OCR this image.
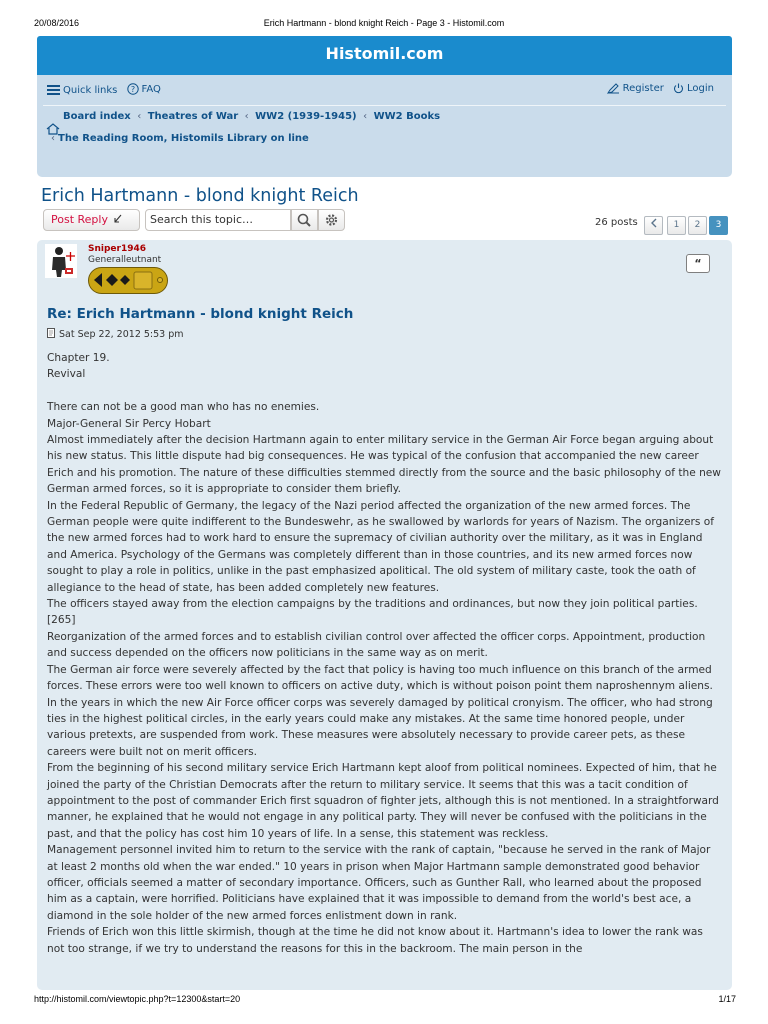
20/08/2016	Erich Hartmann - blond knight Reich - Page 3 - Histomil.com
Histomil.com
Quick links
? FAQ	Register
Login
Board index ‹ Theatres of War ‹ WW2 (1939-1945) ‹ WW2 Books
‹ The Reading Room, Histomils Library on line
Erich Hartmann - blond knight Reich
Post Reply	Search this topic…	26 posts	1	2	3
Sniper1946
Generalleutnant	“
Re: Erich Hartmann - blond knight Reich
Sat Sep 22, 2012 5:53 pm

Chapter 19.

Revival

There can not be a good man who has no enemies.

Major-General Sir Percy Hobart

Almost immediately after the decision Hartmann again to enter military service in the German Air Force began arguing about his new status. This little dispute had big consequences. He was typical of the confusion that accompanied the new career Erich and his promotion. The nature of these difficulties stemmed directly from the source and the basic philosophy of the new German armed forces, so it is appropriate to consider them briefly.

In the Federal Republic of Germany, the legacy of the Nazi period affected the organization of the new armed forces. The German people were quite indifferent to the Bundeswehr, as he swallowed by warlords for years of Nazism. The organizers of the new armed forces had to work hard to ensure the supremacy of civilian authority over the military, as it was in England and America. Psychology of the Germans was completely different than in those countries, and its new armed forces now sought to play a role in politics, unlike in the past emphasized apolitical. The old system of military caste, took the oath of allegiance to the head of state, has been added completely new features.

The officers stayed away from the election campaigns by the traditions and ordinances, but now they join political parties. [265]

Reorganization of the armed forces and to establish civilian control over affected the officer corps. Appointment, production and success depended on the officers now politicians in the same way as on merit.

The German air force were severely affected by the fact that policy is having too much influence on this branch of the armed forces. These errors were too well known to officers on active duty, which is without poison point them naproshennym aliens. In the years in which the new Air Force officer corps was severely damaged by political cronyism. The officer, who had strong ties in the highest political circles, in the early years could make any mistakes. At the same time honored people, under various pretexts, are suspended from work. These measures were absolutely necessary to provide career pets, as these careers were built not on merit officers.

From the beginning of his second military service Erich Hartmann kept aloof from political nominees. Expected of him, that he joined the party of the Christian Democrats after the return to military service. It seems that this was a tacit condition of appointment to the post of commander Erich first squadron of fighter jets, although this is not mentioned. In a straightforward manner, he explained that he would not engage in any political party. They will never be confused with the politicians in the past, and that the policy has cost him 10 years of life. In a sense, this statement was reckless.

Management personnel invited him to return to the service with the rank of captain, "because he served in the rank of Major at least 2 months old when the war ended." 10 years in prison when Major Hartmann sample demonstrated good behavior officer, officials seemed a matter of secondary importance. Officers, such as Gunther Rall, who learned about the proposed him as a captain, were horrified. Politicians have explained that it was impossible to demand from the world's best ace, a diamond in the sole holder of the new armed forces enlistment down in rank.

Friends of Erich won this little skirmish, though at the time he did not know about it. Hartmann's idea to lower the rank was not too strange, if we try to understand the reasons for this in the backroom. The main person in the

http://histomil.com/viewtopic.php?t=12300&start=20	1/17
